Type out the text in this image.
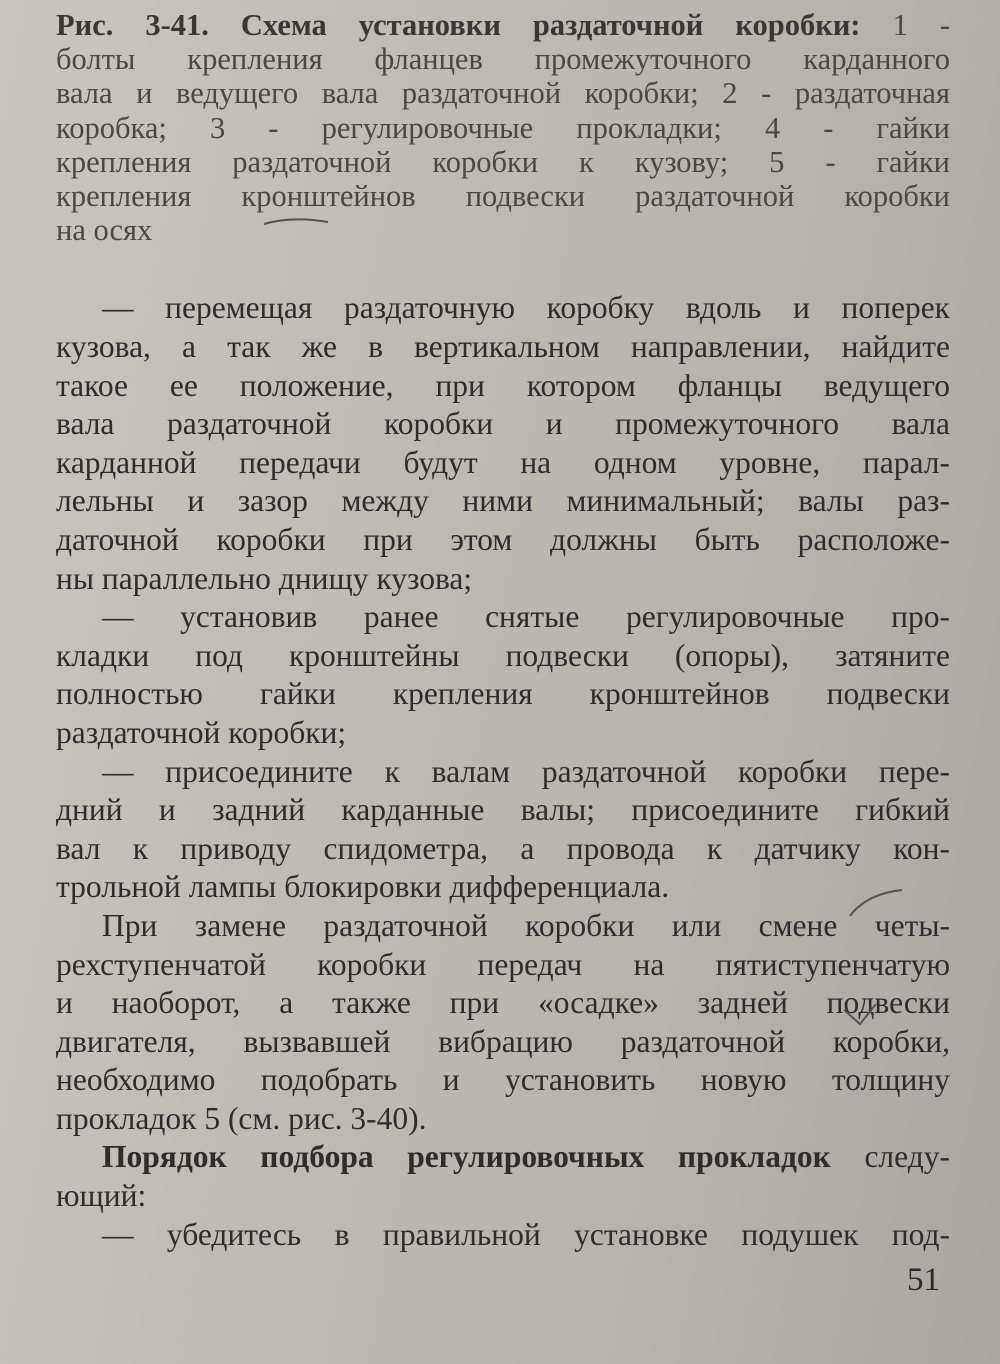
Рис. 3-41. Схема установки раздаточной коробки: 1 -
болты крепления фланцев промежуточного карданного
вала и ведущего вала раздаточной коробки; 2 - раздаточная
коробка; 3 - регулировочные прокладки; 4 - гайки
крепления раздаточной коробки к кузову; 5 - гайки
крепления кронштейнов подвески раздаточной коробки
на осях

— перемещая раздаточную коробку вдоль и поперек
кузова, а так же в вертикальном направлении, найдите
такое ее положение, при котором фланцы ведущего
вала раздаточной коробки и промежуточного вала
карданной передачи будут на одном уровне, парал-
лельны и зазор между ними минимальный; валы раз-
даточной коробки при этом должны быть расположе-
ны параллельно днищу кузова;
— установив ранее снятые регулировочные про-
кладки под кронштейны подвески (опоры), затяните
полностью гайки крепления кронштейнов подвески
раздаточной коробки;
— присоедините к валам раздаточной коробки пере-
дний и задний карданные валы; присоедините гибкий
вал к приводу спидометра, а провода к датчику кон-
трольной лампы блокировки дифференциала.
При замене раздаточной коробки или смене четы-
рехступенчатой коробки передач на пятиступенчатую
и наоборот, а также при «осадке» задней подвески
двигателя, вызвавшей вибрацию раздаточной коробки,
необходимо подобрать и установить новую толщину
прокладок 5 (см. рис. 3-40).
Порядок подбора регулировочных прокладок следу-
ющий:
— убедитесь в правильной установке подушек под-
51
